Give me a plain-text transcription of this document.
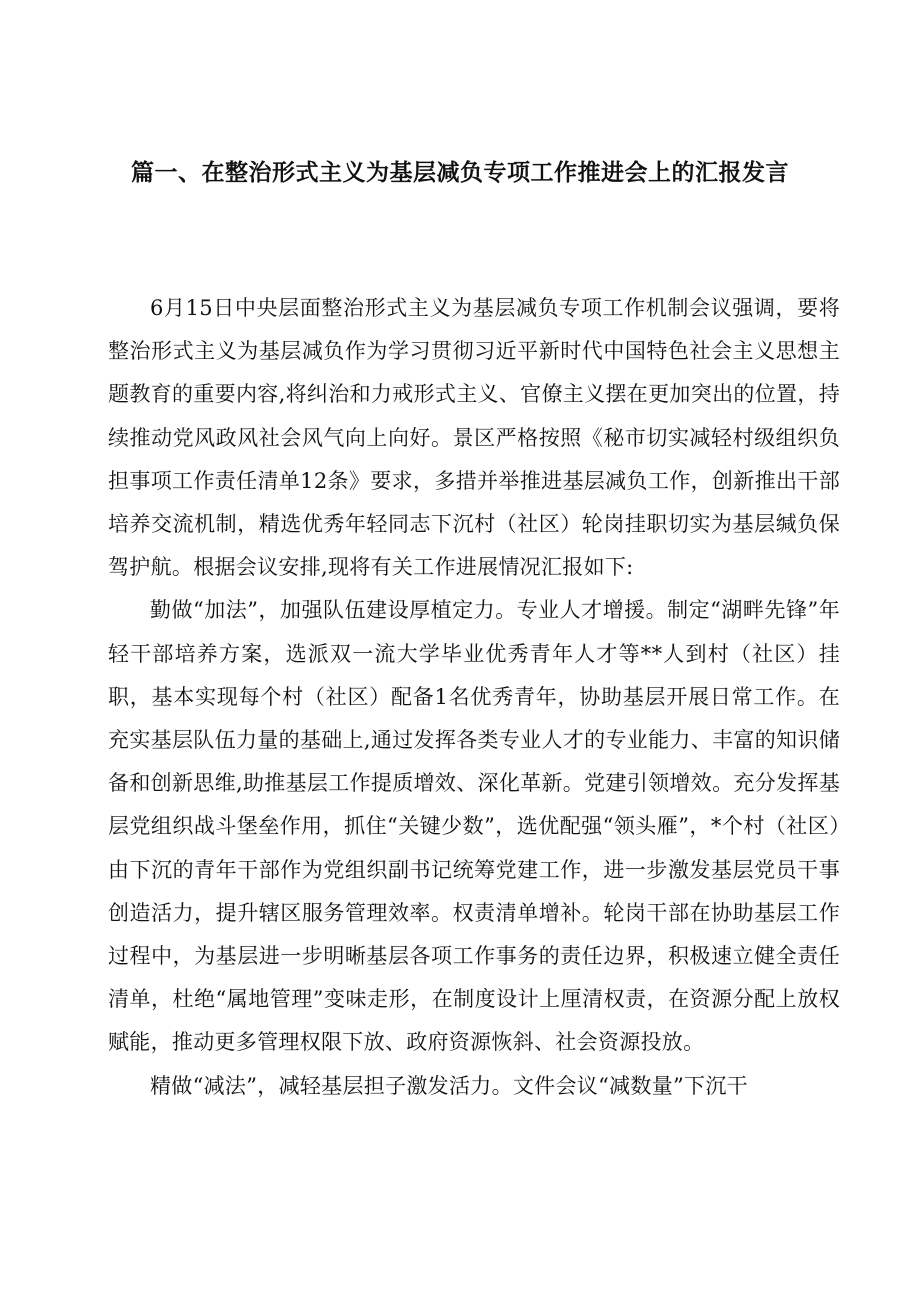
篇一、在整治形式主义为基层减负专项工作推进会上的汇报发言

6月15日中央层面整治形式主义为基层减负专项工作机制会议强调，要将整治形式主义为基层减负作为学习贯彻习近平新时代中国特色社会主义思想主题教育的重要内容,将纠治和力戒形式主义、官僚主义摆在更加突出的位置，持续推动党风政风社会风气向上向好。景区严格按照《秘市切实减轻村级组织负担事项工作责任清单12条》要求，多措并举推进基层减负工作，创新推出干部培养交流机制，精选优秀年轻同志下沉村（社区）轮岗挂职切实为基层缄负保驾护航。根据会议安排,现将有关工作进展情况汇报如下:

勤做“加法”，加强队伍建设厚植定力。专业人才增援。制定“湖畔先锋”年轻干部培养方案，选派双一流大学毕业优秀青年人才等**人到村（社区）挂职，基本实现每个村（社区）配备1名优秀青年，协助基层开展日常工作。在充实基层队伍力量的基础上,通过发挥各类专业人才的专业能力、丰富的知识储备和创新思维,助推基层工作提质增效、深化革新。党建引领增效。充分发挥基层党组织战斗堡垒作用，抓住“关键少数”，选优配强“领头雁”，*个村（社区）由下沉的青年干部作为党组织副书记统筹党建工作，进一步激发基层党员干事创造活力，提升辖区服务管理效率。权责清单增补。轮岗干部在协助基层工作过程中，为基层进一步明晰基层各项工作事务的责任边界，积极速立健全责任清单，杜绝“属地管理”变味走形，在制度设计上厘清权责，在资源分配上放权赋能，推动更多管理权限下放、政府资源恢斜、社会资源投放。

精做“减法”，减轻基层担子激发活力。文件会议“减数量”下沉干
